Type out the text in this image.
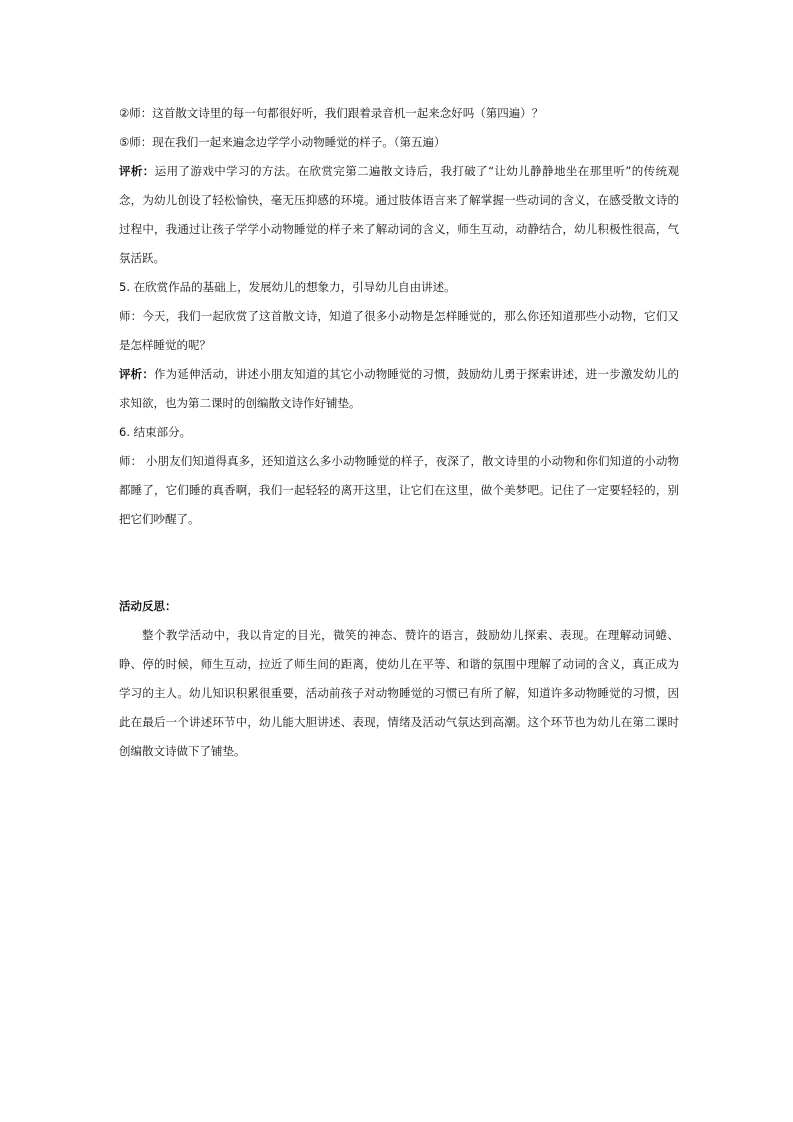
②师：这首散文诗里的每一句都很好听，我们跟着录音机一起来念好吗（第四遍）？

⑤师：现在我们一起来遍念边学学小动物睡觉的样子。（第五遍）

评析：运用了游戏中学习的方法。在欣赏完第二遍散文诗后，我打破了“让幼儿静静地坐在那里听”的传统观念，为幼儿创设了轻松愉快，毫无压抑感的环境。通过肢体语言来了解掌握一些动词的含义，在感受散文诗的过程中，我通过让孩子学学小动物睡觉的样子来了解动词的含义，师生互动，动静结合，幼儿积极性很高，气氛活跃。

5. 在欣赏作品的基础上，发展幼儿的想象力，引导幼儿自由讲述。

师：今天，我们一起欣赏了这首散文诗，知道了很多小动物是怎样睡觉的，那么你还知道那些小动物，它们又是怎样睡觉的呢？

评析：作为延伸活动，讲述小朋友知道的其它小动物睡觉的习惯，鼓励幼儿勇于探索讲述，进一步激发幼儿的求知欲，也为第二课时的创编散文诗作好铺垫。

6. 结束部分。

师： 小朋友们知道得真多，还知道这么多小动物睡觉的样子，夜深了，散文诗里的小动物和你们知道的小动物都睡了，它们睡的真香啊，我们一起轻轻的离开这里，让它们在这里，做个美梦吧。记住了一定要轻轻的，别把它们吵醒了。

活动反思：

整个教学活动中，我以肯定的目光，微笑的神态、赞许的语言，鼓励幼儿探索、表现。在理解动词蜷、睁、停的时候，师生互动，拉近了师生间的距离，使幼儿在平等、和谐的氛围中理解了动词的含义，真正成为学习的主人。幼儿知识积累很重要，活动前孩子对动物睡觉的习惯已有所了解，知道许多动物睡觉的习惯，因此在最后一个讲述环节中，幼儿能大胆讲述、表现，情绪及活动气氛达到高潮。这个环节也为幼儿在第二课时创编散文诗做下了铺垫。
